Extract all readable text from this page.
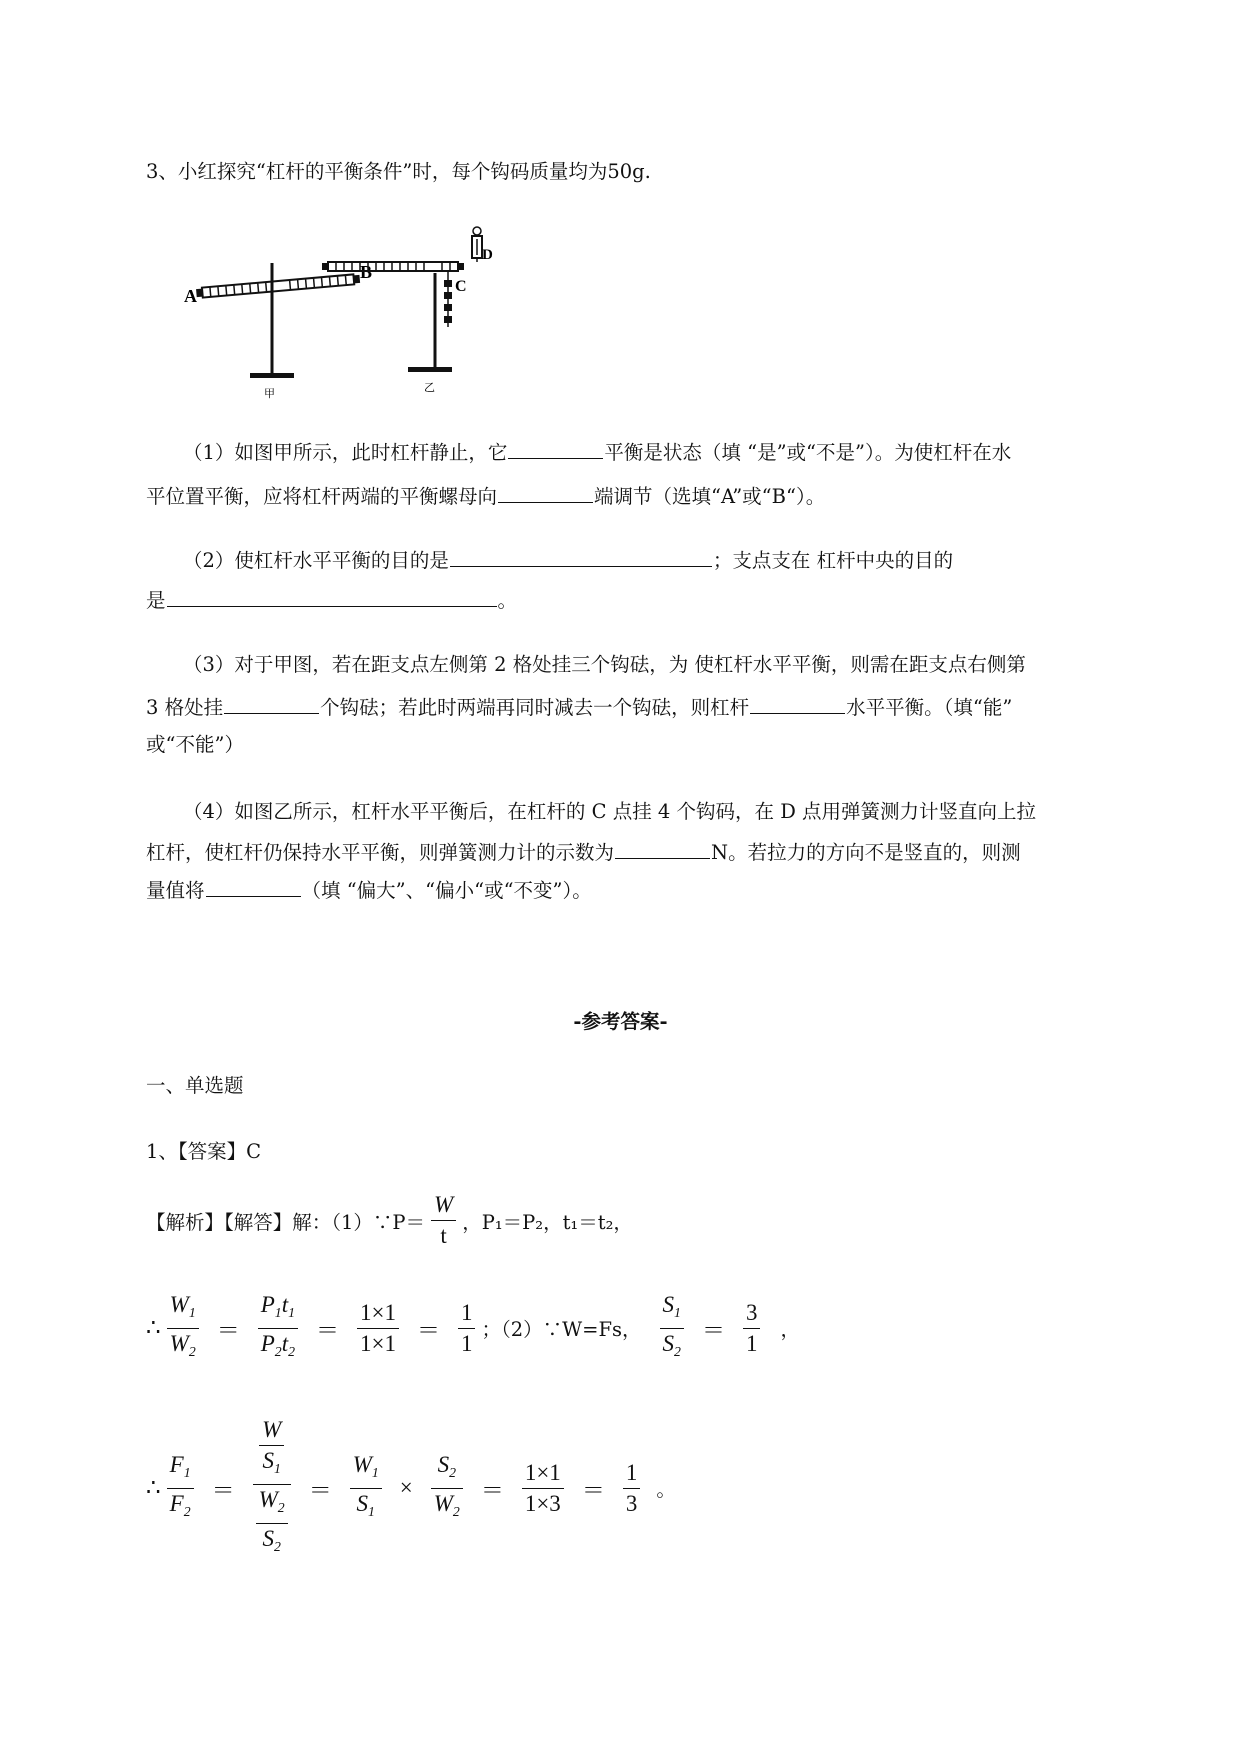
3、小红探究“杠杆的平衡条件”时，每个钩码质量均为50g.
A
B
甲
D
C
乙
（1）如图甲所示，此时杠杆静止，它	平衡是状态（填 “是”或“不是”）。为使杠杆在水
平位置平衡，应将杠杆两端的平衡螺母向	端调节（选填“A”或“B“）。
（2）使杠杆水平平衡的目的是	；支点支在 杠杆中央的目的
是	。
（3）对于甲图，若在距支点左侧第 2 格处挂三个钩砝，为 使杠杆水平平衡，则需在距支点右侧第
3 格处挂	个钩砝；若此时两端再同时减去一个钩砝，则杠杆	水平平衡。（填“能”
或“不能”）
（4）如图乙所示，杠杆水平平衡后，在杠杆的 C 点挂 4 个钩码，在 D 点用弹簧测力计竖直向上拉
杠杆，使杠杆仍保持水平平衡，则弹簧测力计的示数为	N。若拉力的方向不是竖直的，则测
量值将	（填 “偏大”、“偏小“或“不变”）。
-参考答案-
一、单选题
1、【答案】C
【解析】【解答】解：（1）∵P＝ $\frac{W}{t}$ ，P₁＝P₂，t₁＝t₂，
∴ $\frac{W_1}{W_2} = \frac{P_1t_1}{P_2t_2} = \frac{1\times 1}{1\times 1} = \frac{1}{1}$ ；（2）∵W=Fs， $\frac{S_1}{S_2} = \frac{3}{1}$ ，
∴ $\frac{F_1}{F_2} = \frac{\frac{W}{S_1}}{\frac{W_2}{S_2}} = \frac{W_1}{S_1} \times \frac{S_2}{W_2} = \frac{1\times 1}{1\times 3} = \frac{1}{3}$ 。
